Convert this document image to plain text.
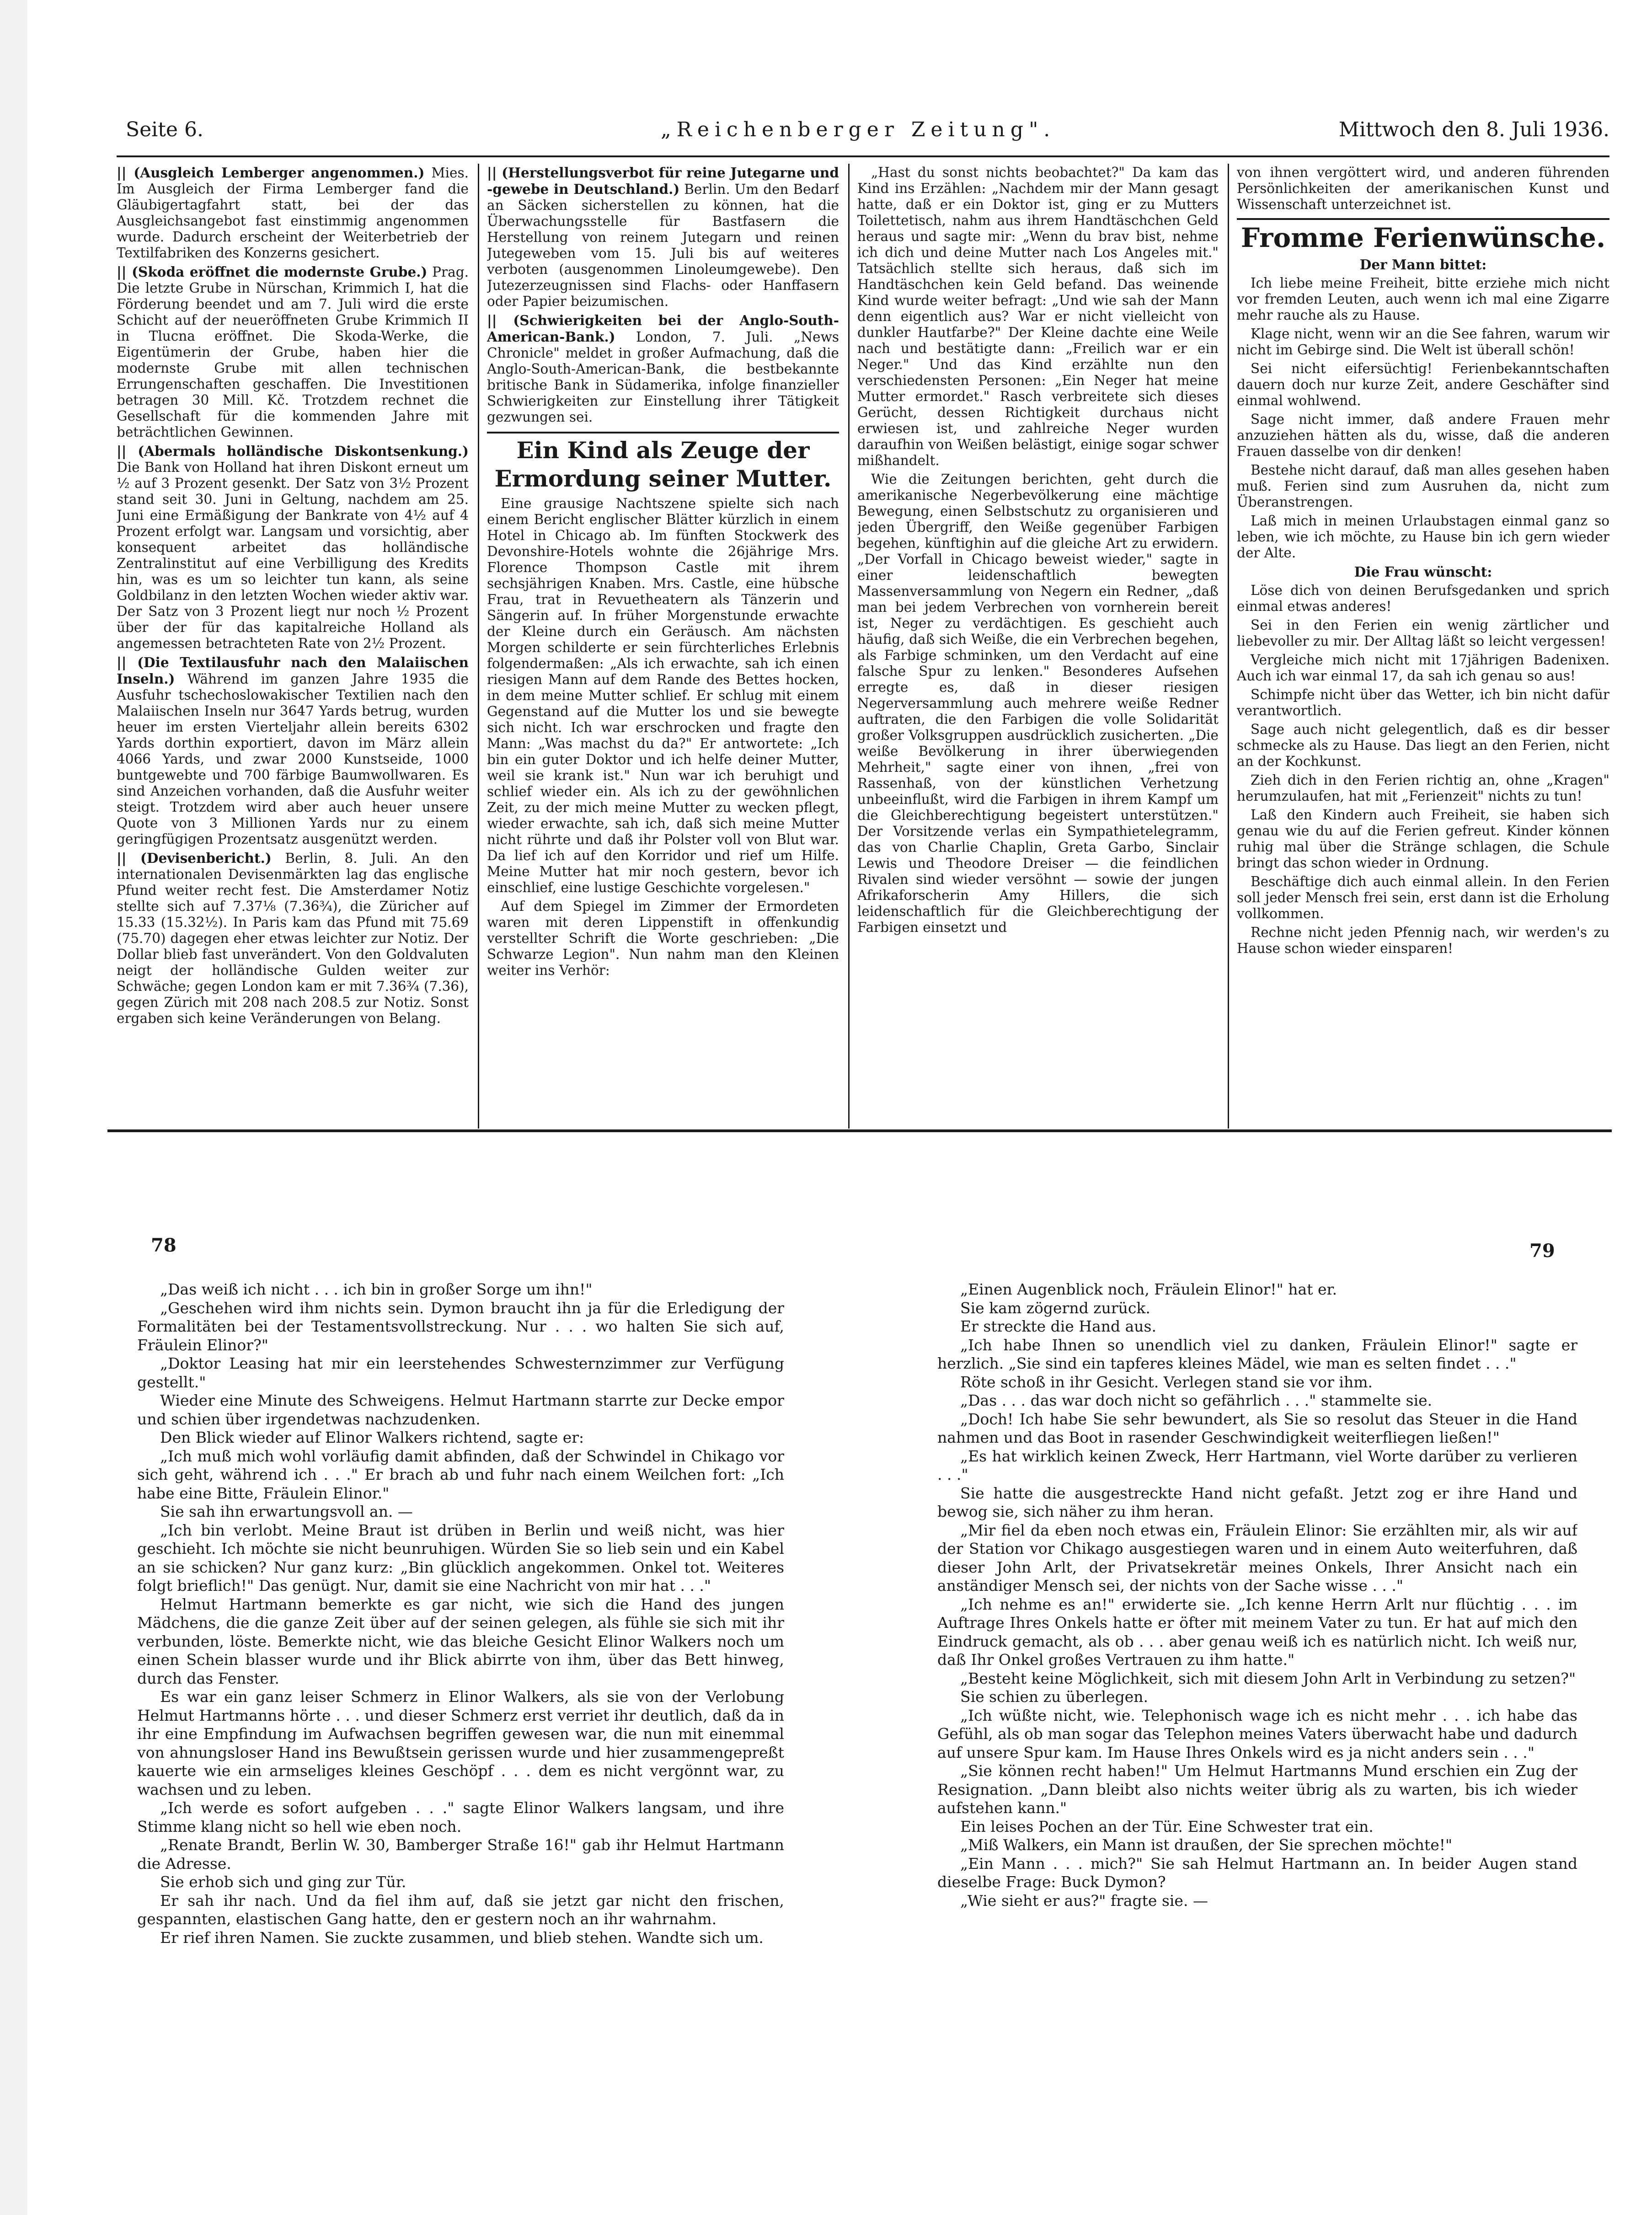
Seite 6.	„Reichenberger Zeitung".	Mittwoch den 8. Juli 1936.

|| (Ausgleich Lemberger angenommen.) Mies. Im Ausgleich der Firma Lemberger fand die Gläubigertagfahrt statt, bei der das Ausgleichsangebot fast einstimmig angenommen wurde. Dadurch erscheint der Weiterbetrieb der Textilfabriken des Konzerns gesichert.

|| (Skoda eröffnet die modernste Grube.) Prag. Die letzte Grube in Nürschan, Krimmich I, hat die Förderung beendet und am 7. Juli wird die erste Schicht auf der neueröffneten Grube Krimmich II in Tlucna eröffnet. Die Skoda-Werke, die Eigentümerin der Grube, haben hier die modernste Grube mit allen technischen Errungenschaften geschaffen. Die Investitionen betragen 30 Mill. Kč. Trotzdem rechnet die Gesellschaft für die kommenden Jahre mit beträchtlichen Gewinnen.

|| (Abermals holländische Diskontsenkung.) Die Bank von Holland hat ihren Diskont erneut um ½ auf 3 Prozent gesenkt. Der Satz von 3½ Prozent stand seit 30. Juni in Geltung, nachdem am 25. Juni eine Ermäßigung der Bankrate von 4½ auf 4 Prozent erfolgt war. Langsam und vorsichtig, aber konsequent arbeitet das holländische Zentralinstitut auf eine Verbilligung des Kredits hin, was es um so leichter tun kann, als seine Goldbilanz in den letzten Wochen wieder aktiv war. Der Satz von 3 Prozent liegt nur noch ½ Prozent über der für das kapitalreiche Holland als angemessen betrachteten Rate von 2½ Prozent.

|| (Die Textilausfuhr nach den Malaiischen Inseln.) Während im ganzen Jahre 1935 die Ausfuhr tschechoslowakischer Textilien nach den Malaiischen Inseln nur 3647 Yards betrug, wurden heuer im ersten Vierteljahr allein bereits 6302 Yards dorthin exportiert, davon im März allein 4066 Yards, und zwar 2000 Kunstseide, 1000 buntgewebte und 700 färbige Baumwollwaren. Es sind Anzeichen vorhanden, daß die Ausfuhr weiter steigt. Trotzdem wird aber auch heuer unsere Quote von 3 Millionen Yards nur zu einem geringfügigen Prozentsatz ausgenützt werden.

|| (Devisenbericht.) Berlin, 8. Juli. An den internationalen Devisenmärkten lag das englische Pfund weiter recht fest. Die Amsterdamer Notiz stellte sich auf 7.37⅛ (7.36¾), die Züricher auf 15.33 (15.32½). In Paris kam das Pfund mit 75.69 (75.70) dagegen eher etwas leichter zur Notiz. Der Dollar blieb fast unverändert. Von den Goldvaluten neigt der holländische Gulden weiter zur Schwäche; gegen London kam er mit 7.36¾ (7.36), gegen Zürich mit 208 nach 208.5 zur Notiz. Sonst ergaben sich keine Veränderungen von Belang.

|| (Herstellungsverbot für reine Jutegarne und -gewebe in Deutschland.) Berlin. Um den Bedarf an Säcken sicherstellen zu können, hat die Überwachungsstelle für Bastfasern die Herstellung von reinem Jutegarn und reinen Jutegeweben vom 15. Juli bis auf weiteres verboten (ausgenommen Linoleumgewebe). Den Jutezerzeugnissen sind Flachs- oder Hanffasern oder Papier beizumischen.

|| (Schwierigkeiten bei der Anglo-South-American-Bank.) London, 7. Juli. „News Chronicle" meldet in großer Aufmachung, daß die Anglo-South-American-Bank, die bestbekannte britische Bank in Südamerika, infolge finanzieller Schwierigkeiten zur Einstellung ihrer Tätigkeit gezwungen sei.

Ein Kind als Zeuge der Ermordung seiner Mutter.

Eine grausige Nachtszene spielte sich nach einem Bericht englischer Blätter kürzlich in einem Hotel in Chicago ab. Im fünften Stockwerk des Devonshire-Hotels wohnte die 26jährige Mrs. Florence Thompson Castle mit ihrem sechsjährigen Knaben. Mrs. Castle, eine hübsche Frau, trat in Revuetheatern als Tänzerin und Sängerin auf. In früher Morgenstunde erwachte der Kleine durch ein Geräusch. Am nächsten Morgen schilderte er sein fürchterliches Erlebnis folgendermaßen: „Als ich erwachte, sah ich einen riesigen Mann auf dem Rande des Bettes hocken, in dem meine Mutter schlief. Er schlug mit einem Gegenstand auf die Mutter los und sie bewegte sich nicht. Ich war erschrocken und fragte den Mann: „Was machst du da?" Er antwortete: „Ich bin ein guter Doktor und ich helfe deiner Mutter, weil sie krank ist." Nun war ich beruhigt und schlief wieder ein. Als ich zu der gewöhnlichen Zeit, zu der mich meine Mutter zu wecken pflegt, wieder erwachte, sah ich, daß sich meine Mutter nicht rührte und daß ihr Polster voll von Blut war. Da lief ich auf den Korridor und rief um Hilfe. Meine Mutter hat mir noch gestern, bevor ich einschlief, eine lustige Geschichte vorgelesen."

Auf dem Spiegel im Zimmer der Ermordeten waren mit deren Lippenstift in offenkundig verstellter Schrift die Worte geschrieben: „Die Schwarze Legion". Nun nahm man den Kleinen weiter ins Verhör:

„Hast du sonst nichts beobachtet?" Da kam das Kind ins Erzählen: „Nachdem mir der Mann gesagt hatte, daß er ein Doktor ist, ging er zu Mutters Toilettetisch, nahm aus ihrem Handtäschchen Geld heraus und sagte mir: „Wenn du brav bist, nehme ich dich und deine Mutter nach Los Angeles mit." Tatsächlich stellte sich heraus, daß sich im Handtäschchen kein Geld befand. Das weinende Kind wurde weiter befragt: „Und wie sah der Mann denn eigentlich aus? War er nicht vielleicht von dunkler Hautfarbe?" Der Kleine dachte eine Weile nach und bestätigte dann: „Freilich war er ein Neger." Und das Kind erzählte nun den verschiedensten Personen: „Ein Neger hat meine Mutter ermordet." Rasch verbreitete sich dieses Gerücht, dessen Richtigkeit durchaus nicht erwiesen ist, und zahlreiche Neger wurden daraufhin von Weißen belästigt, einige sogar schwer mißhandelt.

Wie die Zeitungen berichten, geht durch die amerikanische Negerbevölkerung eine mächtige Bewegung, einen Selbstschutz zu organisieren und jeden Übergriff, den Weiße gegenüber Farbigen begehen, künftighin auf die gleiche Art zu erwidern. „Der Vorfall in Chicago beweist wieder," sagte in einer leidenschaftlich bewegten Massenversammlung von Negern ein Redner, „daß man bei jedem Verbrechen von vornherein bereit ist, Neger zu verdächtigen. Es geschieht auch häufig, daß sich Weiße, die ein Verbrechen begehen, als Farbige schminken, um den Verdacht auf eine falsche Spur zu lenken." Besonderes Aufsehen erregte es, daß in dieser riesigen Negerversammlung auch mehrere weiße Redner auftraten, die den Farbigen die volle Solidarität großer Volksgruppen ausdrücklich zusicherten. „Die weiße Bevölkerung in ihrer überwiegenden Mehrheit," sagte einer von ihnen, „frei von Rassenhaß, von der künstlichen Verhetzung unbeeinflußt, wird die Farbigen in ihrem Kampf um die Gleichberechtigung begeistert unterstützen." Der Vorsitzende verlas ein Sympathietelegramm, das von Charlie Chaplin, Greta Garbo, Sinclair Lewis und Theodore Dreiser — die feindlichen Rivalen sind wieder versöhnt — sowie der jungen Afrikaforscherin Amy Hillers, die sich leidenschaftlich für die Gleichberechtigung der Farbigen einsetzt und

von ihnen vergöttert wird, und anderen führenden Persönlichkeiten der amerikanischen Kunst und Wissenschaft unterzeichnet ist.

Fromme Ferienwünsche.

Der Mann bittet:

Ich liebe meine Freiheit, bitte erziehe mich nicht vor fremden Leuten, auch wenn ich mal eine Zigarre mehr rauche als zu Hause.

Klage nicht, wenn wir an die See fahren, warum wir nicht im Gebirge sind. Die Welt ist überall schön!

Sei nicht eifersüchtig! Ferienbekanntschaften dauern doch nur kurze Zeit, andere Geschäfter sind einmal wohlwend.

Sage nicht immer, daß andere Frauen mehr anzuziehen hätten als du, wisse, daß die anderen Frauen dasselbe von dir denken!

Bestehe nicht darauf, daß man alles gesehen haben muß. Ferien sind zum Ausruhen da, nicht zum Überanstrengen.

Laß mich in meinen Urlaubstagen einmal ganz so leben, wie ich möchte, zu Hause bin ich gern wieder der Alte.

Die Frau wünscht:

Löse dich von deinen Berufsgedanken und sprich einmal etwas anderes!

Sei in den Ferien ein wenig zärtlicher und liebevoller zu mir. Der Alltag läßt so leicht vergessen!

Vergleiche mich nicht mit 17jährigen Badenixen. Auch ich war einmal 17, da sah ich genau so aus!

Schimpfe nicht über das Wetter, ich bin nicht dafür verantwortlich.

Sage auch nicht gelegentlich, daß es dir besser schmecke als zu Hause. Das liegt an den Ferien, nicht an der Kochkunst.

Zieh dich in den Ferien richtig an, ohne „Kragen" herumzulaufen, hat mit „Ferienzeit" nichts zu tun!

Laß den Kindern auch Freiheit, sie haben sich genau wie du auf die Ferien gefreut. Kinder können ruhig mal über die Stränge schlagen, die Schule bringt das schon wieder in Ordnung.

Beschäftige dich auch einmal allein. In den Ferien soll jeder Mensch frei sein, erst dann ist die Erholung vollkommen.

Rechne nicht jeden Pfennig nach, wir werden's zu Hause schon wieder einsparen!

78	79

„Das weiß ich nicht . . . ich bin in großer Sorge um ihn!"

„Geschehen wird ihm nichts sein. Dymon braucht ihn ja für die Erledigung der Formalitäten bei der Testamentsvollstreckung. Nur . . . wo halten Sie sich auf, Fräulein Elinor?"

„Doktor Leasing hat mir ein leerstehendes Schwesternzimmer zur Verfügung gestellt."

Wieder eine Minute des Schweigens. Helmut Hartmann starrte zur Decke empor und schien über irgendetwas nachzudenken.

Den Blick wieder auf Elinor Walkers richtend, sagte er:

„Ich muß mich wohl vorläufig damit abfinden, daß der Schwindel in Chikago vor sich geht, während ich . . ." Er brach ab und fuhr nach einem Weilchen fort: „Ich habe eine Bitte, Fräulein Elinor."

Sie sah ihn erwartungsvoll an. —

„Ich bin verlobt. Meine Braut ist drüben in Berlin und weiß nicht, was hier geschieht. Ich möchte sie nicht beunruhigen. Würden Sie so lieb sein und ein Kabel an sie schicken? Nur ganz kurz: „Bin glücklich angekommen. Onkel tot. Weiteres folgt brieflich!" Das genügt. Nur, damit sie eine Nachricht von mir hat . . ."

Helmut Hartmann bemerkte es gar nicht, wie sich die Hand des jungen Mädchens, die die ganze Zeit über auf der seinen gelegen, als fühle sie sich mit ihr verbunden, löste. Bemerkte nicht, wie das bleiche Gesicht Elinor Walkers noch um einen Schein blasser wurde und ihr Blick abirrte von ihm, über das Bett hinweg, durch das Fenster.

Es war ein ganz leiser Schmerz in Elinor Walkers, als sie von der Verlobung Helmut Hartmanns hörte . . . und dieser Schmerz erst verriet ihr deutlich, daß da in ihr eine Empfindung im Aufwachsen begriffen gewesen war, die nun mit einemmal von ahnungsloser Hand ins Bewußtsein gerissen wurde und hier zusammengepreßt kauerte wie ein armseliges kleines Geschöpf . . . dem es nicht vergönnt war, zu wachsen und zu leben.

„Ich werde es sofort aufgeben . . ." sagte Elinor Walkers langsam, und ihre Stimme klang nicht so hell wie eben noch.

„Renate Brandt, Berlin W. 30, Bamberger Straße 16!" gab ihr Helmut Hartmann die Adresse.

Sie erhob sich und ging zur Tür.

Er sah ihr nach. Und da fiel ihm auf, daß sie jetzt gar nicht den frischen, gespannten, elastischen Gang hatte, den er gestern noch an ihr wahrnahm.

Er rief ihren Namen. Sie zuckte zusammen, und blieb stehen. Wandte sich um.

„Einen Augenblick noch, Fräulein Elinor!" hat er.

Sie kam zögernd zurück.

Er streckte die Hand aus.

„Ich habe Ihnen so unendlich viel zu danken, Fräulein Elinor!" sagte er herzlich. „Sie sind ein tapferes kleines Mädel, wie man es selten findet . . ."

Röte schoß in ihr Gesicht. Verlegen stand sie vor ihm.

„Das . . . das war doch nicht so gefährlich . . ." stammelte sie.

„Doch! Ich habe Sie sehr bewundert, als Sie so resolut das Steuer in die Hand nahmen und das Boot in rasender Geschwindigkeit weiterfliegen ließen!"

„Es hat wirklich keinen Zweck, Herr Hartmann, viel Worte darüber zu verlieren . . ."

Sie hatte die ausgestreckte Hand nicht gefaßt. Jetzt zog er ihre Hand und bewog sie, sich näher zu ihm heran.

„Mir fiel da eben noch etwas ein, Fräulein Elinor: Sie erzählten mir, als wir auf der Station vor Chikago ausgestiegen waren und in einem Auto weiterfuhren, daß dieser John Arlt, der Privatsekretär meines Onkels, Ihrer Ansicht nach ein anständiger Mensch sei, der nichts von der Sache wisse . . ."

„Ich nehme es an!" erwiderte sie. „Ich kenne Herrn Arlt nur flüchtig . . . im Auftrage Ihres Onkels hatte er öfter mit meinem Vater zu tun. Er hat auf mich den Eindruck gemacht, als ob . . . aber genau weiß ich es natürlich nicht. Ich weiß nur, daß Ihr Onkel großes Vertrauen zu ihm hatte."

„Besteht keine Möglichkeit, sich mit diesem John Arlt in Verbindung zu setzen?"

Sie schien zu überlegen.

„Ich wüßte nicht, wie. Telephonisch wage ich es nicht mehr . . . ich habe das Gefühl, als ob man sogar das Telephon meines Vaters überwacht habe und dadurch auf unsere Spur kam. Im Hause Ihres Onkels wird es ja nicht anders sein . . ."

„Sie können recht haben!" Um Helmut Hartmanns Mund erschien ein Zug der Resignation. „Dann bleibt also nichts weiter übrig als zu warten, bis ich wieder aufstehen kann."

Ein leises Pochen an der Tür. Eine Schwester trat ein.

„Miß Walkers, ein Mann ist draußen, der Sie sprechen möchte!"

„Ein Mann . . . mich?" Sie sah Helmut Hartmann an. In beider Augen stand dieselbe Frage: Buck Dymon?

„Wie sieht er aus?" fragte sie. —
